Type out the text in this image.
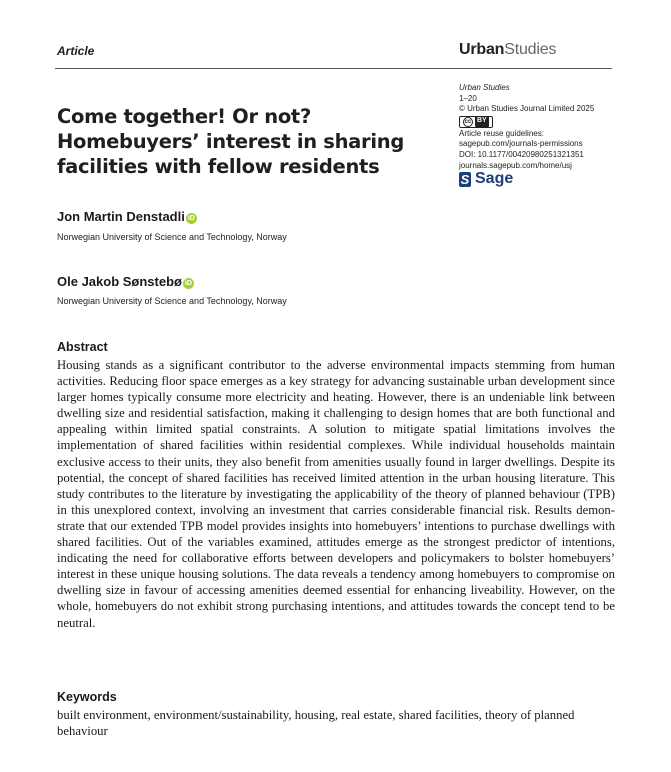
Article	UrbanStudies
Urban Studies
1–20
© Urban Studies Journal Limited 2025
cc BY
Article reuse guidelines:
sagepub.com/journals-permissions
DOI: 10.1177/00420980251321351
journals.sagepub.com/home/usj
S Sage
Come together! Or not? Homebuyers’ interest in sharing facilities with fellow residents
Jon Martin Denstadli iD
Norwegian University of Science and Technology, Norway
Ole Jakob Sønstebø iD
Norwegian University of Science and Technology, Norway
Abstract
Housing stands as a significant contributor to the adverse environmental impacts stemming from human activities. Reducing floor space emerges as a key strategy for advancing sustainable urban development since larger homes typically consume more electricity and heating. However, there is an undeniable link between dwelling size and residential satisfaction, making it challenging to design homes that are both functional and appealing within limited spatial constraints. A solution to mitigate spatial limitations involves the implementation of shared facilities within residential complexes. While individual households maintain exclusive access to their units, they also benefit from amenities usually found in larger dwellings. Despite its potential, the concept of shared facilities has received limited attention in the urban housing literature. This study contributes to the literature by investigating the applicability of the theory of planned behaviour (TPB) in this unexplored context, involving an investment that carries considerable financial risk. Results demonstrate that our extended TPB model provides insights into homebuyers’ intentions to purchase dwellings with shared facilities. Out of the variables examined, attitudes emerge as the strongest predictor of intentions, indicating the need for collaborative efforts between developers and policymakers to bolster homebuyers’ interest in these unique housing solutions. The data reveals a tendency among homebuyers to compromise on dwelling size in favour of accessing amenities deemed essential for enhancing liveability. However, on the whole, homebuyers do not exhibit strong purchasing intentions, and attitudes towards the concept tend to be neutral.
Keywords
built environment, environment/sustainability, housing, real estate, shared facilities, theory of planned behaviour
